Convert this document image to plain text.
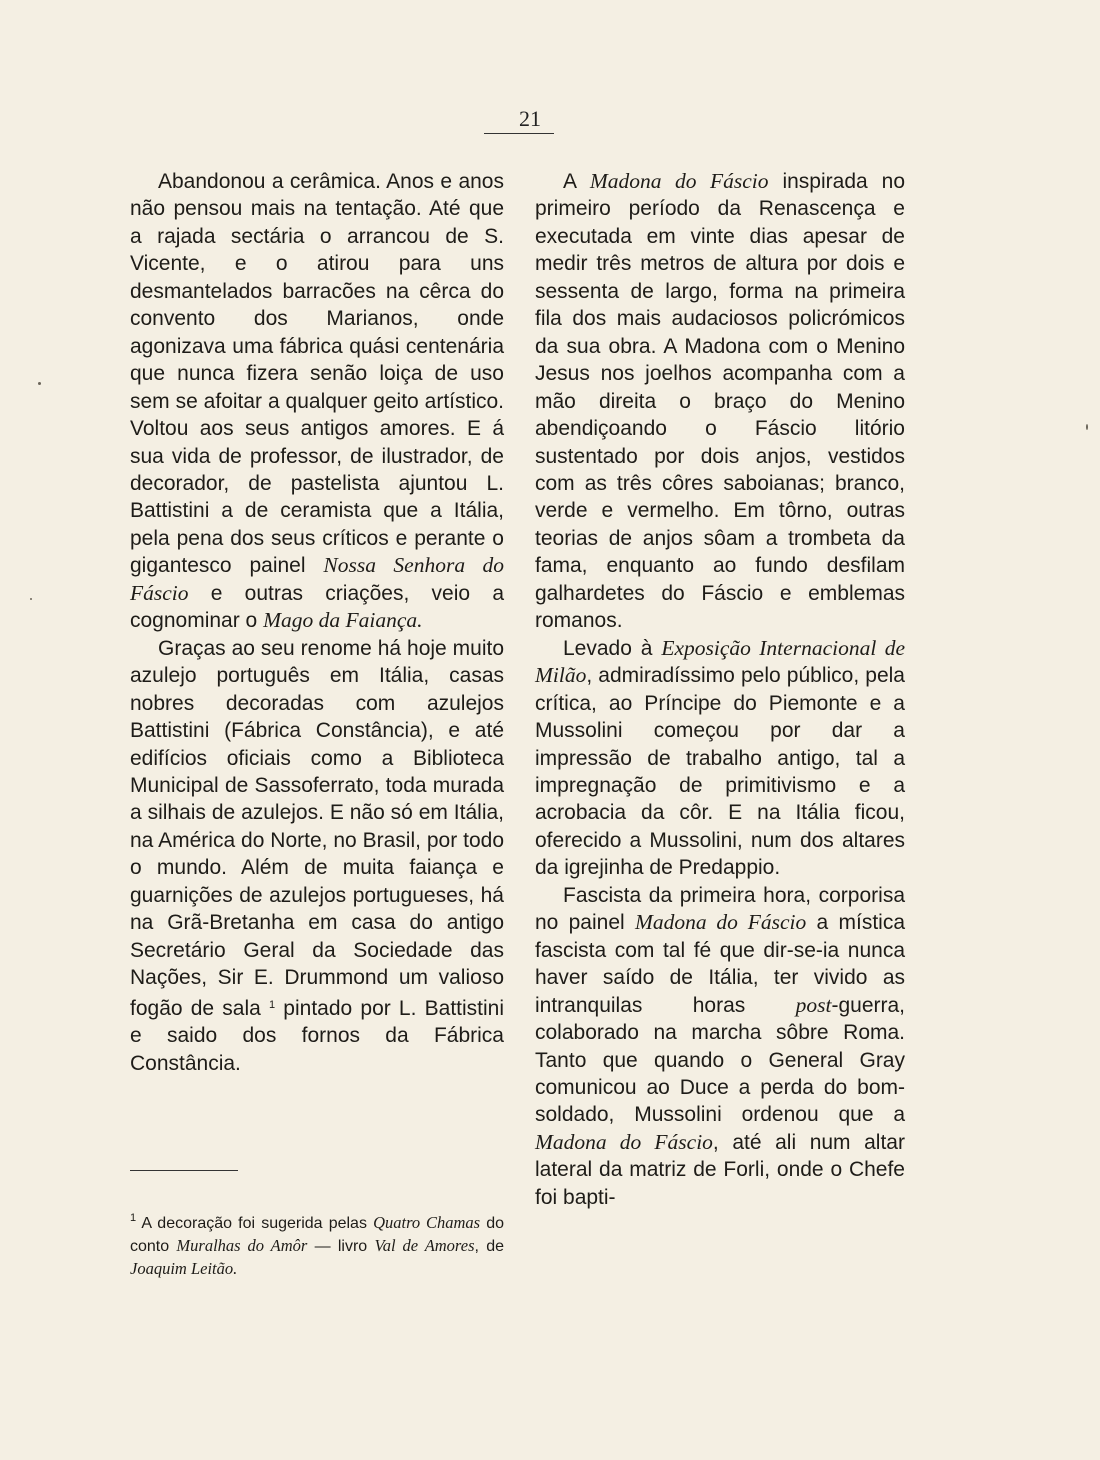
21

Abandonou a cerâmica. Anos e anos não pensou mais na tentação. Até que a rajada sectária o arrancou de S. Vicente, e o atirou para uns desmantelados barracões na cêrca do convento dos Marianos, onde agonizava uma fábrica quási centenária que nunca fizera senão loiça de uso sem se afoitar a qualquer geito artístico. Voltou aos seus antigos amores. E á sua vida de professor, de ilustrador, de decorador, de pastelista ajuntou L. Battistini a de ceramista que a Itália, pela pena dos seus críticos e perante o gigantesco painel Nossa Senhora do Fáscio e outras criações, veio a cognominar o Mago da Faiança.

Graças ao seu renome há hoje muito azulejo português em Itália, casas nobres decoradas com azulejos Battistini (Fábrica Constância), e até edifícios oficiais como a Biblioteca Municipal de Sassoferrato, toda murada a silhais de azulejos. E não só em Itália, na América do Norte, no Brasil, por todo o mundo. Além de muita faiança e guarnições de azulejos portugueses, há na Grã-Bretanha em casa do antigo Secretário Geral da Sociedade das Nações, Sir E. Drummond um valioso fogão de sala $^1$ pintado por L. Battistini e saido dos fornos da Fábrica Constância.

A Madona do Fáscio inspirada no primeiro período da Renascença e executada em vinte dias apesar de medir três metros de altura por dois e sessenta de largo, forma na primeira fila dos mais audaciosos policrómicos da sua obra. A Madona com o Menino Jesus nos joelhos acompanha com a mão direita o braço do Menino abendiçoando o Fáscio litório sustentado por dois anjos, vestidos com as três côres saboianas; branco, verde e vermelho. Em tôrno, outras teorias de anjos sôam a trombeta da fama, enquanto ao fundo desfilam galhardetes do Fáscio e emblemas romanos.

Levado à Exposição Internacional de Milão, admiradíssimo pelo público, pela crítica, ao Príncipe do Piemonte e a Mussolini começou por dar a impressão de trabalho antigo, tal a impregnação de primitivismo e a acrobacia da côr. E na Itália ficou, oferecido a Mussolini, num dos altares da igrejinha de Predappio.

Fascista da primeira hora, corporisa no painel Madona do Fáscio a mística fascista com tal fé que dir-se-ia nunca haver saído de Itália, ter vivido as intranquilas horas post-guerra, colaborado na marcha sôbre Roma. Tanto que quando o General Gray comunicou ao Duce a perda do bom-soldado, Mussolini ordenou que a Madona do Fáscio, até ali num altar lateral da matriz de Forli, onde o Chefe foi bapti-

$^1$ A decoração foi sugerida pelas Quatro Chamas do conto Muralhas do Amôr — livro Val de Amores, de Joaquim Leitão.
